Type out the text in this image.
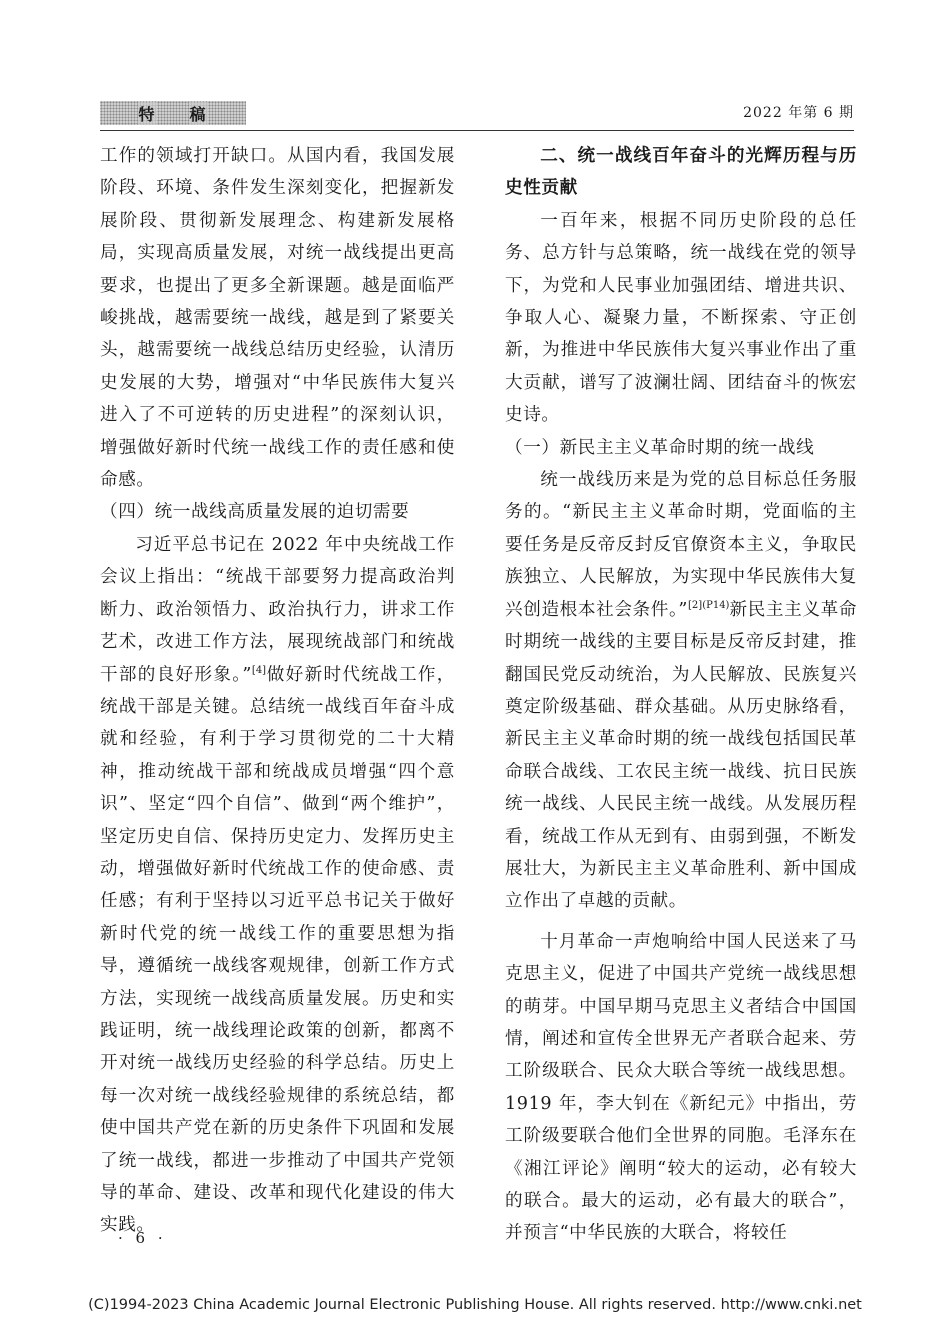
特 稿	2022 年第 6 期

工作的领域打开缺口。从国内看，我国发展阶段、环境、条件发生深刻变化，把握新发展阶段、贯彻新发展理念、构建新发展格局，实现高质量发展，对统一战线提出更高要求，也提出了更多全新课题。越是面临严峻挑战，越需要统一战线，越是到了紧要关头，越需要统一战线总结历史经验，认清历史发展的大势，增强对“中华民族伟大复兴进入了不可逆转的历史进程”的深刻认识，增强做好新时代统一战线工作的责任感和使命感。

（四）统一战线高质量发展的迫切需要

习近平总书记在 2022 年中央统战工作会议上指出：“统战干部要努力提高政治判断力、政治领悟力、政治执行力，讲求工作艺术，改进工作方法，展现统战部门和统战干部的良好形象。”[4]做好新时代统战工作，统战干部是关键。总结统一战线百年奋斗成就和经验，有利于学习贯彻党的二十大精神，推动统战干部和统战成员增强“四个意识”、坚定“四个自信”、做到“两个维护”，坚定历史自信、保持历史定力、发挥历史主动，增强做好新时代统战工作的使命感、责任感；有利于坚持以习近平总书记关于做好新时代党的统一战线工作的重要思想为指导，遵循统一战线客观规律，创新工作方式方法，实现统一战线高质量发展。历史和实践证明，统一战线理论政策的创新，都离不开对统一战线历史经验的科学总结。历史上每一次对统一战线经验规律的系统总结，都使中国共产党在新的历史条件下巩固和发展了统一战线，都进一步推动了中国共产党领导的革命、建设、改革和现代化建设的伟大实践。

二、统一战线百年奋斗的光辉历程与历史性贡献

一百年来，根据不同历史阶段的总任务、总方针与总策略，统一战线在党的领导下，为党和人民事业加强团结、增进共识、争取人心、凝聚力量，不断探索、守正创新，为推进中华民族伟大复兴事业作出了重大贡献，谱写了波澜壮阔、团结奋斗的恢宏史诗。

（一）新民主主义革命时期的统一战线

统一战线历来是为党的总目标总任务服务的。“新民主主义革命时期，党面临的主要任务是反帝反封反官僚资本主义，争取民族独立、人民解放，为实现中华民族伟大复兴创造根本社会条件。”$^{[2](P14)}$新民主主义革命时期统一战线的主要目标是反帝反封建，推翻国民党反动统治，为人民解放、民族复兴奠定阶级基础、群众基础。从历史脉络看，新民主主义革命时期的统一战线包括国民革命联合战线、工农民主统一战线、抗日民族统一战线、人民民主统一战线。从发展历程看，统战工作从无到有、由弱到强，不断发展壮大，为新民主主义革命胜利、新中国成立作出了卓越的贡献。

十月革命一声炮响给中国人民送来了马克思主义，促进了中国共产党统一战线思想的萌芽。中国早期马克思主义者结合中国国情，阐述和宣传全世界无产者联合起来、劳工阶级联合、民众大联合等统一战线思想。1919 年，李大钊在《新纪元》中指出，劳工阶级要联合他们全世界的同胞。毛泽东在《湘江评论》阐明“较大的运动，必有较大的联合。最大的运动，必有最大的联合”，并预言“中华民族的大联合，将较任

· 6 ·
(C)1994-2023 China Academic Journal Electronic Publishing House. All rights reserved. http://www.cnki.net
